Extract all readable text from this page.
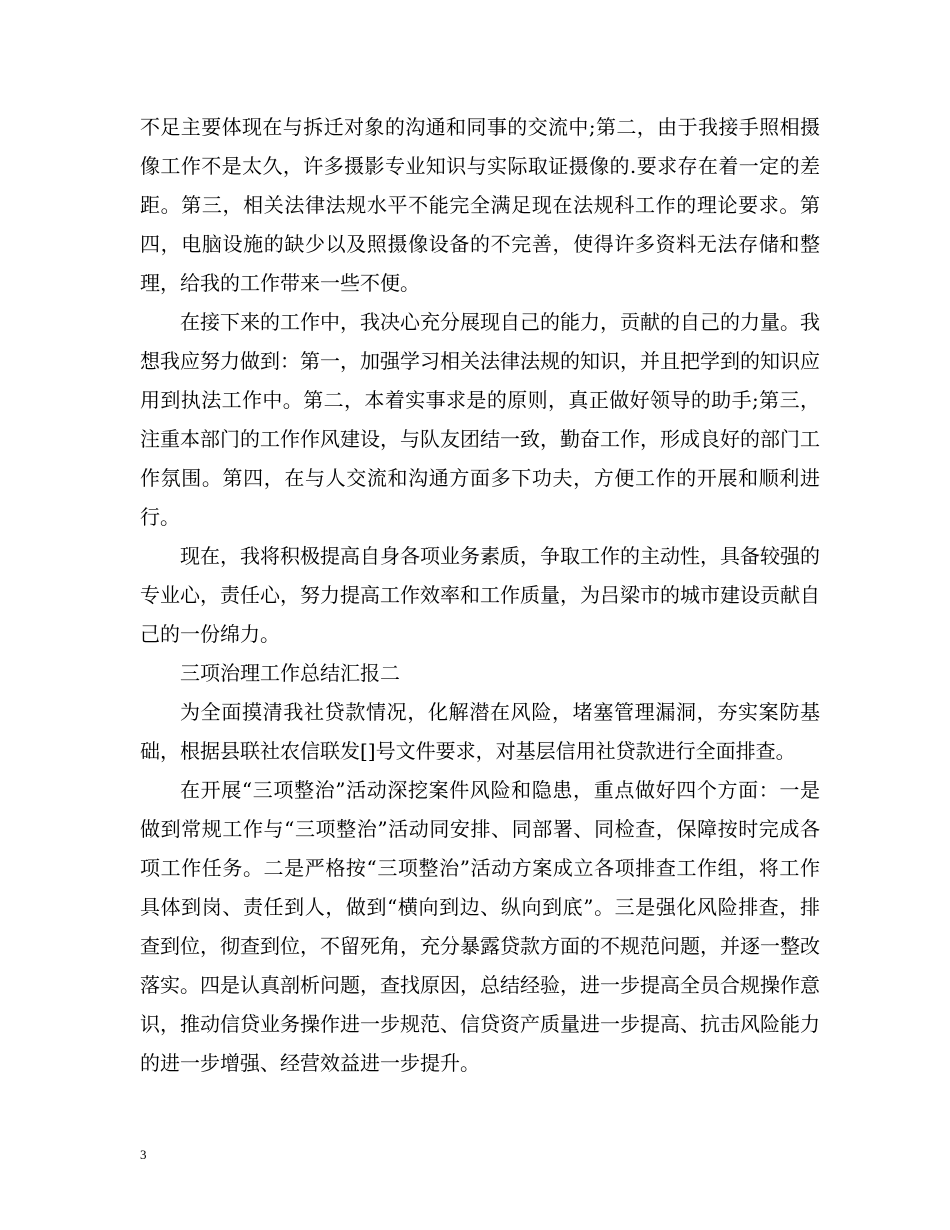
不足主要体现在与拆迁对象的沟通和同事的交流中;第二，由于我接手照相摄像工作不是太久，许多摄影专业知识与实际取证摄像的.要求存在着一定的差距。第三，相关法律法规水平不能完全满足现在法规科工作的理论要求。第四，电脑设施的缺少以及照摄像设备的不完善，使得许多资料无法存储和整理，给我的工作带来一些不便。

在接下来的工作中，我决心充分展现自己的能力，贡献的自己的力量。我想我应努力做到：第一，加强学习相关法律法规的知识，并且把学到的知识应用到执法工作中。第二，本着实事求是的原则，真正做好领导的助手;第三，注重本部门的工作作风建设，与队友团结一致，勤奋工作，形成良好的部门工作氛围。第四，在与人交流和沟通方面多下功夫，方便工作的开展和顺利进行。

现在，我将积极提高自身各项业务素质，争取工作的主动性，具备较强的专业心，责任心，努力提高工作效率和工作质量，为吕梁市的城市建设贡献自己的一份绵力。

三项治理工作总结汇报二

为全面摸清我社贷款情况，化解潜在风险，堵塞管理漏洞，夯实案防基础，根据县联社农信联发[]号文件要求，对基层信用社贷款进行全面排查。

在开展“三项整治”活动深挖案件风险和隐患，重点做好四个方面：一是做到常规工作与“三项整治”活动同安排、同部署、同检查，保障按时完成各项工作任务。二是严格按“三项整治”活动方案成立各项排查工作组，将工作具体到岗、责任到人，做到“横向到边、纵向到底”。三是强化风险排查，排查到位，彻查到位，不留死角，充分暴露贷款方面的不规范问题，并逐一整改落实。四是认真剖析问题，查找原因，总结经验，进一步提高全员合规操作意识，推动信贷业务操作进一步规范、信贷资产质量进一步提高、抗击风险能力的进一步增强、经营效益进一步提升。

3
